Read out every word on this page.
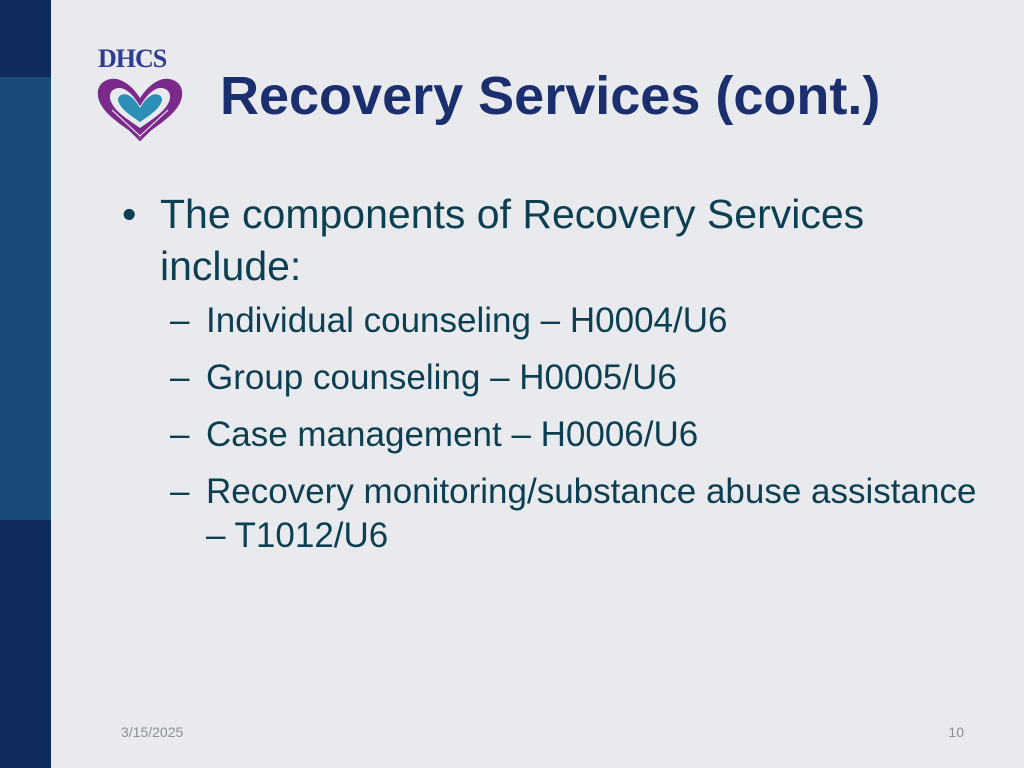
DHCS
Recovery Services (cont.)
• The components of Recovery Services include:
– Individual counseling – H0004/U6
– Group counseling – H0005/U6
– Case management – H0006/U6
– Recovery monitoring/substance abuse assistance – T1012/U6
3/15/2025	10
